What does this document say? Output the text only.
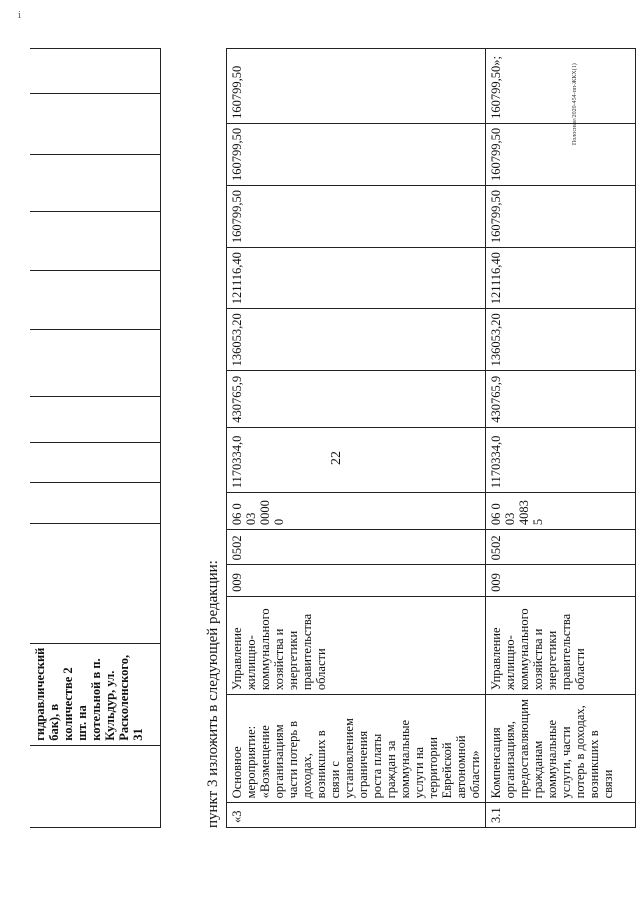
ⅰ
22
Полосные/2020-454-пп-ЖКХ(1)
	гидравлический бак), в количестве 2 шт. на котельной в п. Кульдур, ул. Расколенского, 31											пункт 3 изложить в следующей редакции: «3	Основное мероприятие: «Возмещение организациям части потерь в доходах, возникших в связи с установлением ограничения роста платы граждан за коммунальные услуги на территории Еврейской автономной области»	Управление жилищно-коммунального хозяйства и энергетики правительства области	009	0502	06 0 03 0000 0	1170334,0	430765,9	136053,20	121116,40	160799,50	160799,50	160799,50
3.1	Компенсация организациям, предоставляющим гражданам коммунальные услуги, части потерь в доходах, возникших в связи	Управление жилищно-коммунального хозяйства и энергетики правительства области	009	0502	06 0 03 4083 5	1170334,0	430765,9	136053,20	121116,40	160799,50	160799,50	160799,50»;
